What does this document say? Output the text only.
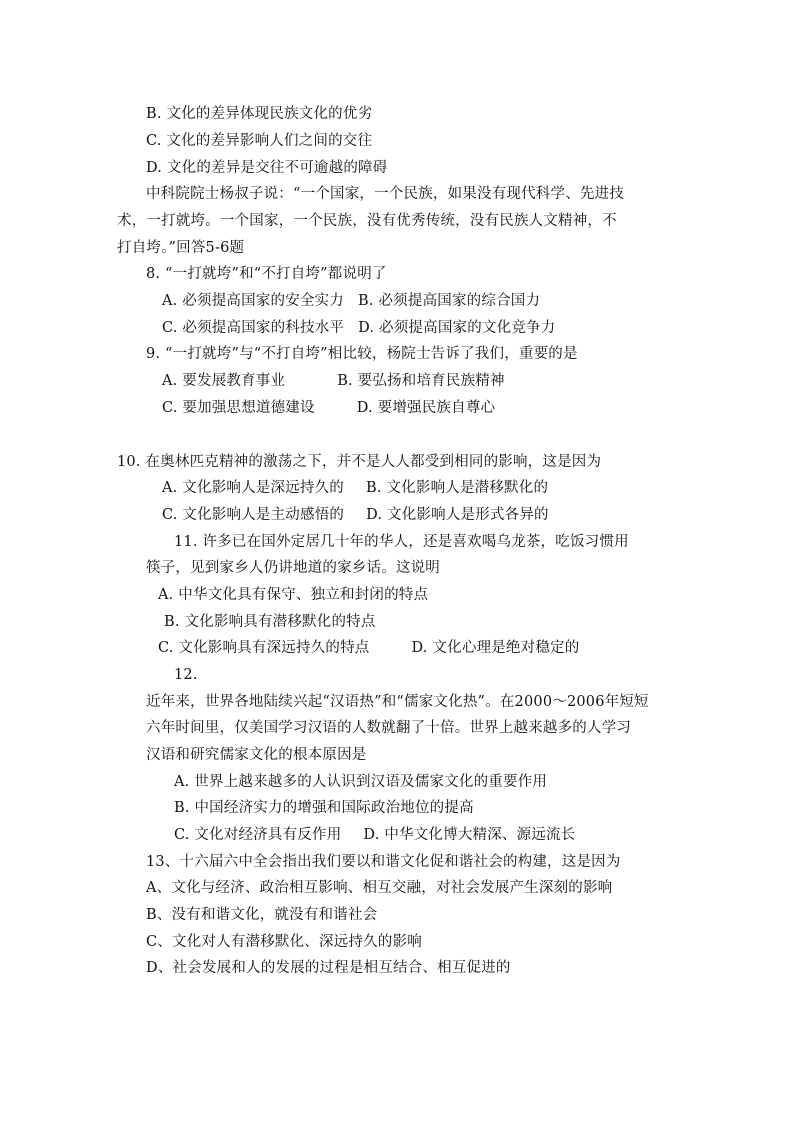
B. 文化的差异体现民族文化的优劣
C. 文化的差异影响人们之间的交往
D. 文化的差异是交往不可逾越的障碍
中科院院士杨叔子说：“一个国家，一个民族，如果没有现代科学、先进技
术，一打就垮。一个国家，一个民族，没有优秀传统，没有民族人文精神，不
打自垮。”回答5-6题
8. “一打就垮”和“不打自垮”都说明了
A. 必须提高国家的安全实力 B. 必须提高国家的综合国力
C. 必须提高国家的科技水平 D. 必须提高国家的文化竞争力
9. “一打就垮”与“不打自垮”相比较，杨院士告诉了我们，重要的是
A. 要发展教育事业	B. 要弘扬和培育民族精神
C. 要加强思想道德建设	D. 要增强民族自尊心
10. 在奥林匹克精神的激荡之下，并不是人人都受到相同的影响，这是因为
A. 文化影响人是深远持久的 B. 文化影响人是潜移默化的
C. 文化影响人是主动感悟的 D. 文化影响人是形式各异的
11. 许多已在国外定居几十年的华人，还是喜欢喝乌龙茶，吃饭习惯用
筷子，见到家乡人仍讲地道的家乡话。这说明
A. 中华文化具有保守、独立和封闭的特点
B. 文化影响具有潜移默化的特点
C. 文化影响具有深远持久的特点	D. 文化心理是绝对稳定的
12.
近年来，世界各地陆续兴起“汉语热”和“儒家文化热”。在2000～2006年短短
六年时间里，仅美国学习汉语的人数就翻了十倍。世界上越来越多的人学习
汉语和研究儒家文化的根本原因是
A. 世界上越来越多的人认识到汉语及儒家文化的重要作用
B. 中国经济实力的增强和国际政治地位的提高
C. 文化对经济具有反作用 D. 中华文化博大精深、源远流长
13、十六届六中全会指出我们要以和谐文化促和谐社会的构建，这是因为
A、文化与经济、政治相互影响、相互交融，对社会发展产生深刻的影响
B、没有和谐文化，就没有和谐社会
C、文化对人有潜移默化、深远持久的影响
D、社会发展和人的发展的过程是相互结合、相互促进的
